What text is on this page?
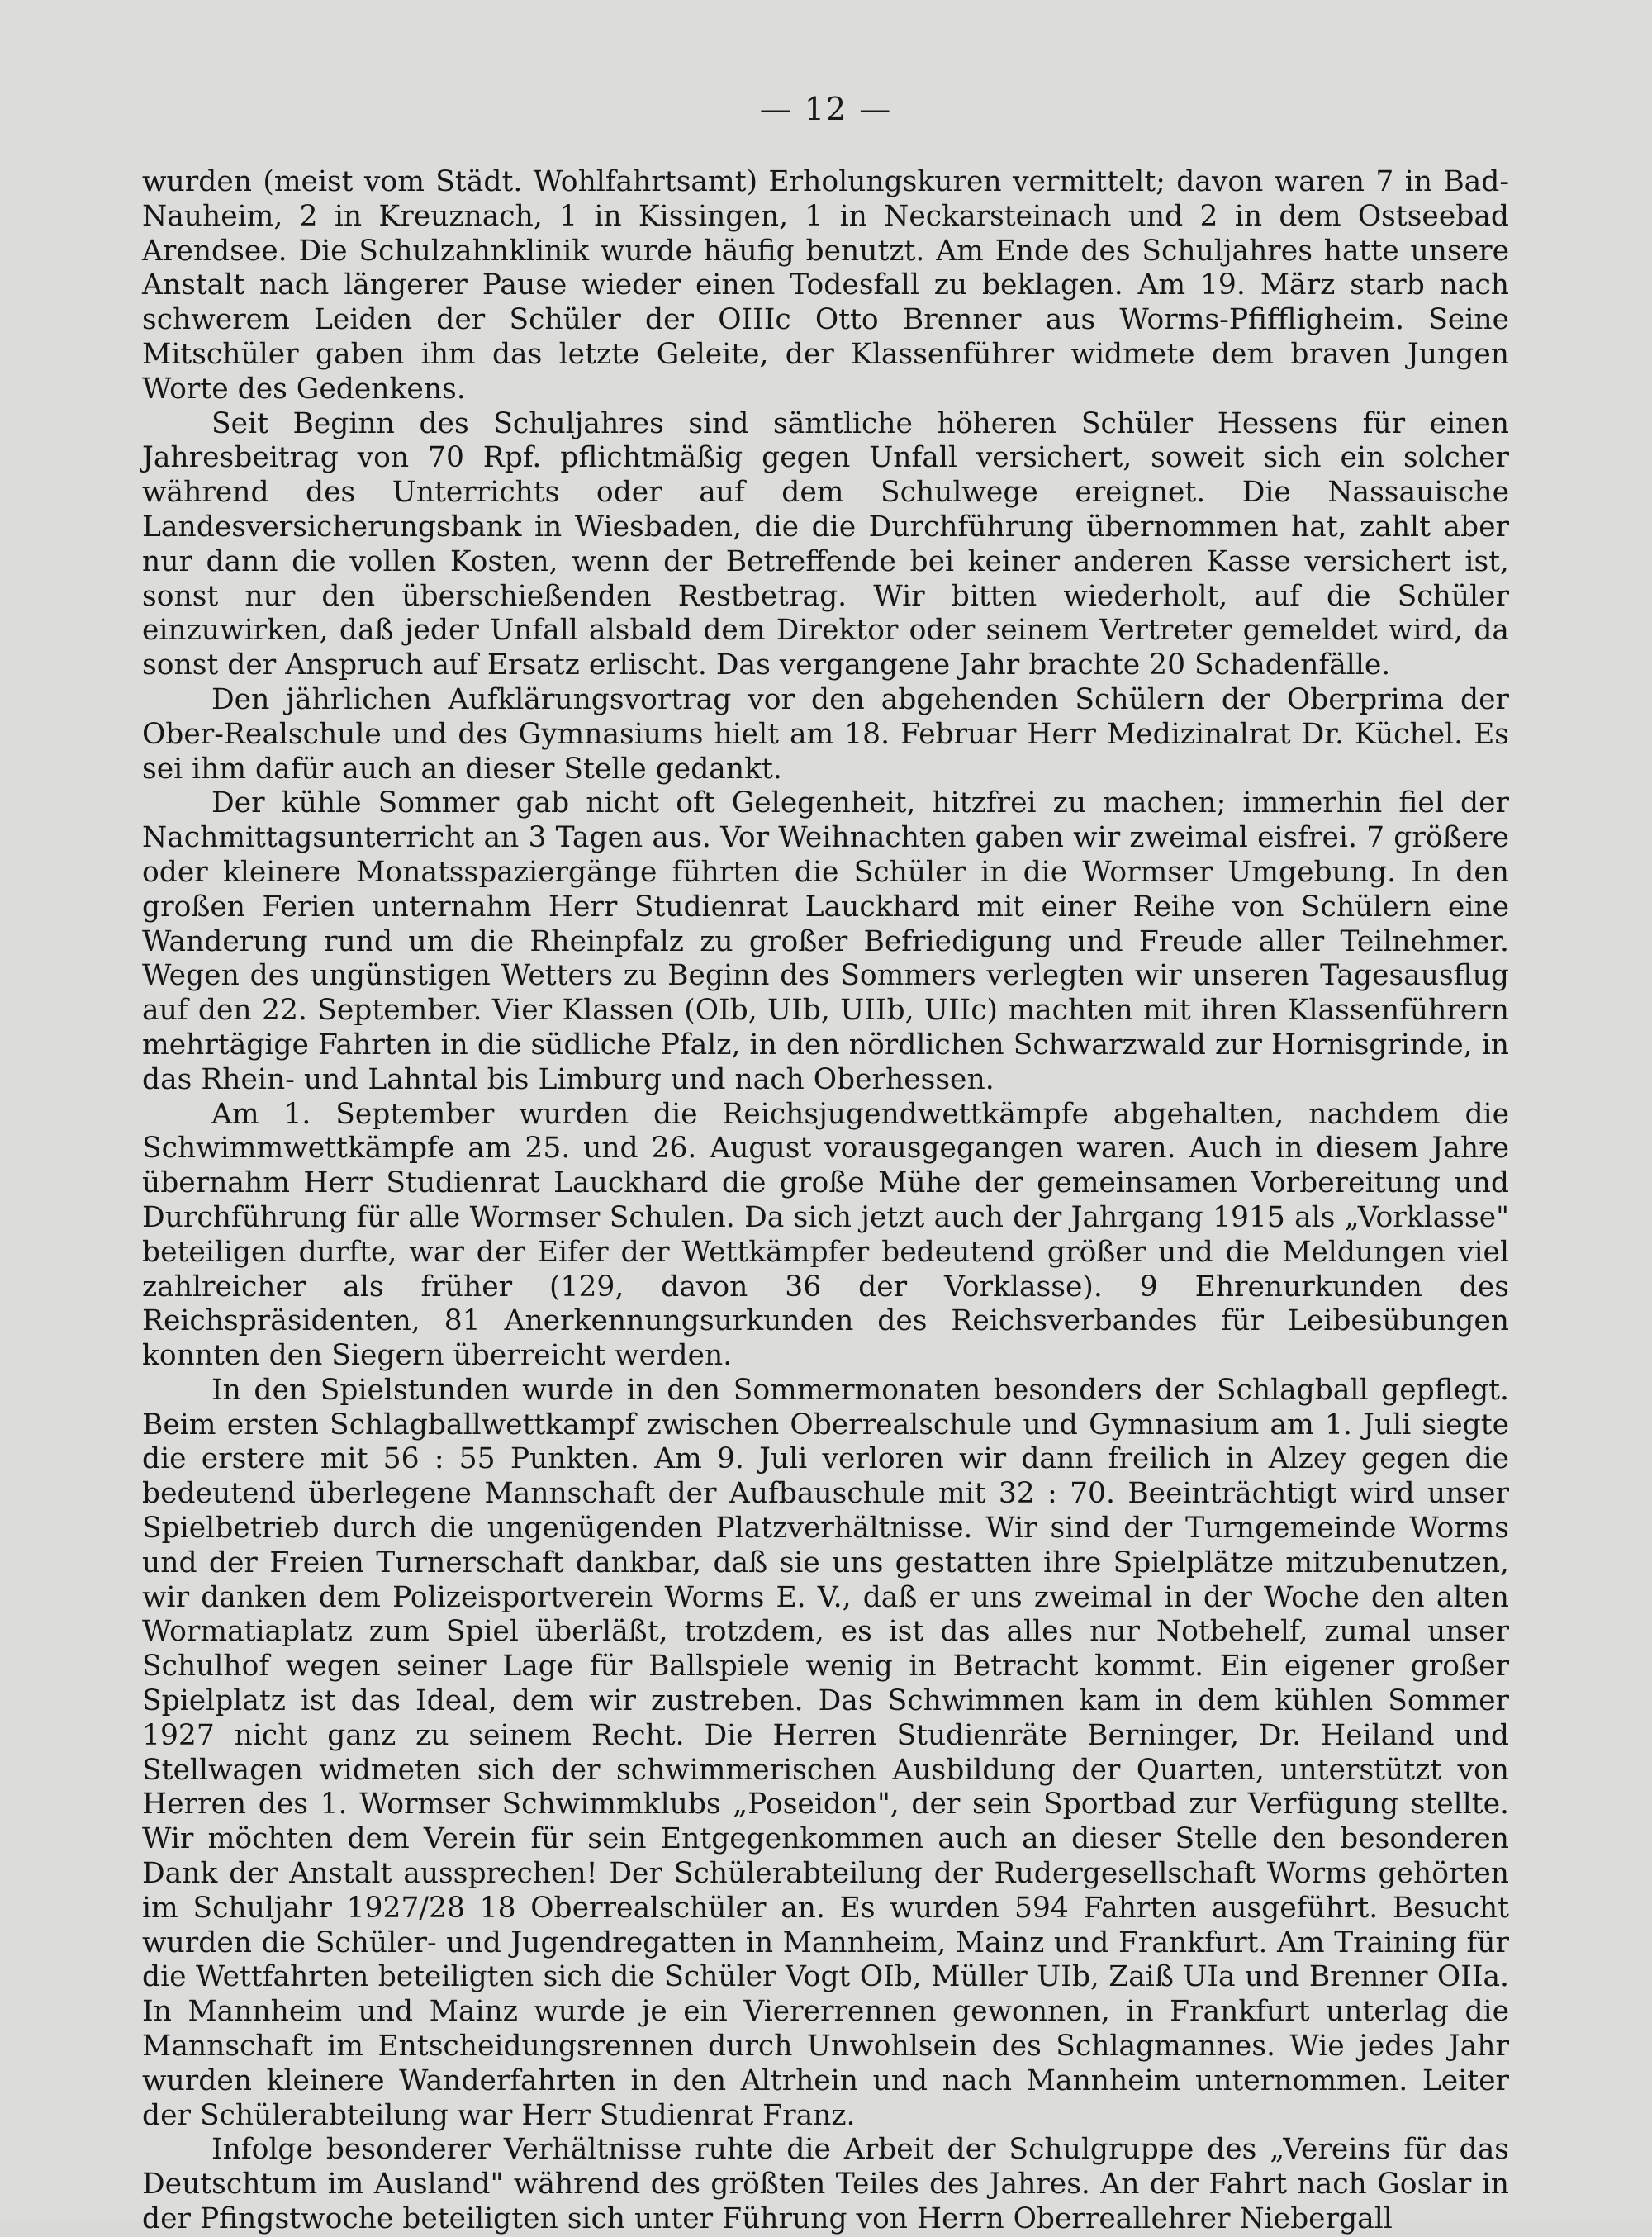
— 12 —

wurden (meist vom Städt. Wohlfahrtsamt) Erholungskuren vermittelt; davon waren 7 in Bad-Nauheim, 2 in Kreuznach, 1 in Kissingen, 1 in Neckarsteinach und 2 in dem Ostseebad Arendsee. Die Schulzahnklinik wurde häufig benutzt. Am Ende des Schuljahres hatte unsere Anstalt nach längerer Pause wieder einen Todesfall zu beklagen. Am 19. März starb nach schwerem Leiden der Schüler der OIIIc Otto Brenner aus Worms-Pfiffligheim. Seine Mitschüler gaben ihm das letzte Geleite, der Klassenführer widmete dem braven Jungen Worte des Gedenkens.

Seit Beginn des Schuljahres sind sämtliche höheren Schüler Hessens für einen Jahresbeitrag von 70 Rpf. pflichtmäßig gegen Unfall versichert, soweit sich ein solcher während des Unterrichts oder auf dem Schulwege ereignet. Die Nassauische Landesversicherungsbank in Wiesbaden, die die Durchführung übernommen hat, zahlt aber nur dann die vollen Kosten, wenn der Betreffende bei keiner anderen Kasse versichert ist, sonst nur den überschießenden Restbetrag. Wir bitten wiederholt, auf die Schüler einzuwirken, daß jeder Unfall alsbald dem Direktor oder seinem Vertreter gemeldet wird, da sonst der Anspruch auf Ersatz erlischt. Das vergangene Jahr brachte 20 Schadenfälle.

Den jährlichen Aufklärungsvortrag vor den abgehenden Schülern der Oberprima der Ober-Realschule und des Gymnasiums hielt am 18. Februar Herr Medizinalrat Dr. Küchel. Es sei ihm dafür auch an dieser Stelle gedankt.

Der kühle Sommer gab nicht oft Gelegenheit, hitzfrei zu machen; immerhin fiel der Nachmittagsunterricht an 3 Tagen aus. Vor Weihnachten gaben wir zweimal eisfrei. 7 größere oder kleinere Monatsspaziergänge führten die Schüler in die Wormser Umgebung. In den großen Ferien unternahm Herr Studienrat Lauckhard mit einer Reihe von Schülern eine Wanderung rund um die Rheinpfalz zu großer Befriedigung und Freude aller Teilnehmer. Wegen des ungünstigen Wetters zu Beginn des Sommers verlegten wir unseren Tagesausflug auf den 22. September. Vier Klassen (OIb, UIb, UIIb, UIIc) machten mit ihren Klassenführern mehrtägige Fahrten in die südliche Pfalz, in den nördlichen Schwarzwald zur Hornisgrinde, in das Rhein- und Lahntal bis Limburg und nach Oberhessen.

Am 1. September wurden die Reichsjugendwettkämpfe abgehalten, nachdem die Schwimmwettkämpfe am 25. und 26. August vorausgegangen waren. Auch in diesem Jahre übernahm Herr Studienrat Lauckhard die große Mühe der gemeinsamen Vorbereitung und Durchführung für alle Wormser Schulen. Da sich jetzt auch der Jahrgang 1915 als „Vorklasse" beteiligen durfte, war der Eifer der Wettkämpfer bedeutend größer und die Meldungen viel zahlreicher als früher (129, davon 36 der Vorklasse). 9 Ehrenurkunden des Reichspräsidenten, 81 Anerkennungsurkunden des Reichsverbandes für Leibesübungen konnten den Siegern überreicht werden.

In den Spielstunden wurde in den Sommermonaten besonders der Schlagball gepflegt. Beim ersten Schlagballwettkampf zwischen Oberrealschule und Gymnasium am 1. Juli siegte die erstere mit 56 : 55 Punkten. Am 9. Juli verloren wir dann freilich in Alzey gegen die bedeutend überlegene Mannschaft der Aufbauschule mit 32 : 70. Beeinträchtigt wird unser Spielbetrieb durch die ungenügenden Platzverhältnisse. Wir sind der Turngemeinde Worms und der Freien Turnerschaft dankbar, daß sie uns gestatten ihre Spielplätze mitzubenutzen, wir danken dem Polizeisportverein Worms E. V., daß er uns zweimal in der Woche den alten Wormatiaplatz zum Spiel überläßt, trotzdem, es ist das alles nur Notbehelf, zumal unser Schulhof wegen seiner Lage für Ballspiele wenig in Betracht kommt. Ein eigener großer Spielplatz ist das Ideal, dem wir zustreben. Das Schwimmen kam in dem kühlen Sommer 1927 nicht ganz zu seinem Recht. Die Herren Studienräte Berninger, Dr. Heiland und Stellwagen widmeten sich der schwimmerischen Ausbildung der Quarten, unterstützt von Herren des 1. Wormser Schwimmklubs „Poseidon", der sein Sportbad zur Verfügung stellte. Wir möchten dem Verein für sein Entgegenkommen auch an dieser Stelle den besonderen Dank der Anstalt aussprechen! Der Schülerabteilung der Rudergesellschaft Worms gehörten im Schuljahr 1927/28 18 Oberrealschüler an. Es wurden 594 Fahrten ausgeführt. Besucht wurden die Schüler- und Jugendregatten in Mannheim, Mainz und Frankfurt. Am Training für die Wettfahrten beteiligten sich die Schüler Vogt OIb, Müller UIb, Zaiß UIa und Brenner OIIa. In Mannheim und Mainz wurde je ein Viererrennen gewonnen, in Frankfurt unterlag die Mannschaft im Entscheidungsrennen durch Unwohlsein des Schlagmannes. Wie jedes Jahr wurden kleinere Wanderfahrten in den Altrhein und nach Mannheim unternommen. Leiter der Schülerabteilung war Herr Studienrat Franz.

Infolge besonderer Verhältnisse ruhte die Arbeit der Schulgruppe des „Vereins für das Deutschtum im Ausland" während des größten Teiles des Jahres. An der Fahrt nach Goslar in der Pfingstwoche beteiligten sich unter Führung von Herrn Oberreallehrer Niebergall
